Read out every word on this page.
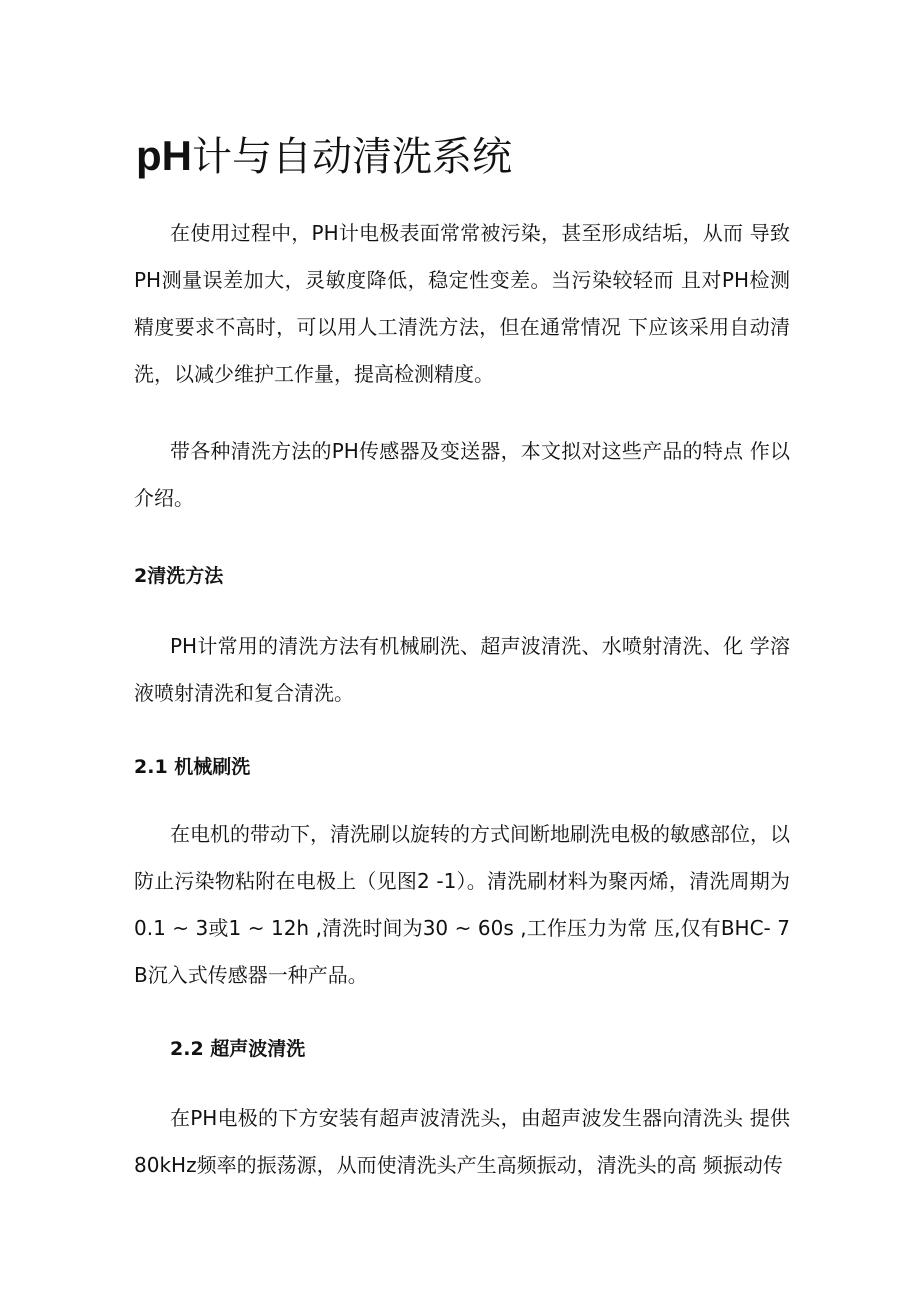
pH计与自动清洗系统

在使用过程中，PH计电极表面常常被污染，甚至形成结垢，从而 导致PH测量误差加大，灵敏度降低，稳定性变差。当污染较轻而 且对PH检测精度要求不高时，可以用人工清洗方法，但在通常情况 下应该采用自动清洗，以减少维护工作量，提高检测精度。

带各种清洗方法的PH传感器及变送器，本文拟对这些产品的特点 作以介绍。

2清洗方法

PH计常用的清洗方法有机械刷洗、超声波清洗、水喷射清洗、化 学溶液喷射清洗和复合清洗。

2.1 机械刷洗

在电机的带动下，清洗刷以旋转的方式间断地刷洗电极的敏感部位，以防止污染物粘附在电极上（见图2 -1）。清洗刷材料为聚丙烯，清洗周期为0.1 ~ 3或1 ~ 12h ,清洗时间为30 ~ 60s ,工作压力为常 压,仅有BHC- 7B沉入式传感器一种产品。

2.2 超声波清洗

在PH电极的下方安装有超声波清洗头，由超声波发生器向清洗头 提供80kHz频率的振荡源，从而使清洗头产生高频振动，清洗头的高 频振动传
